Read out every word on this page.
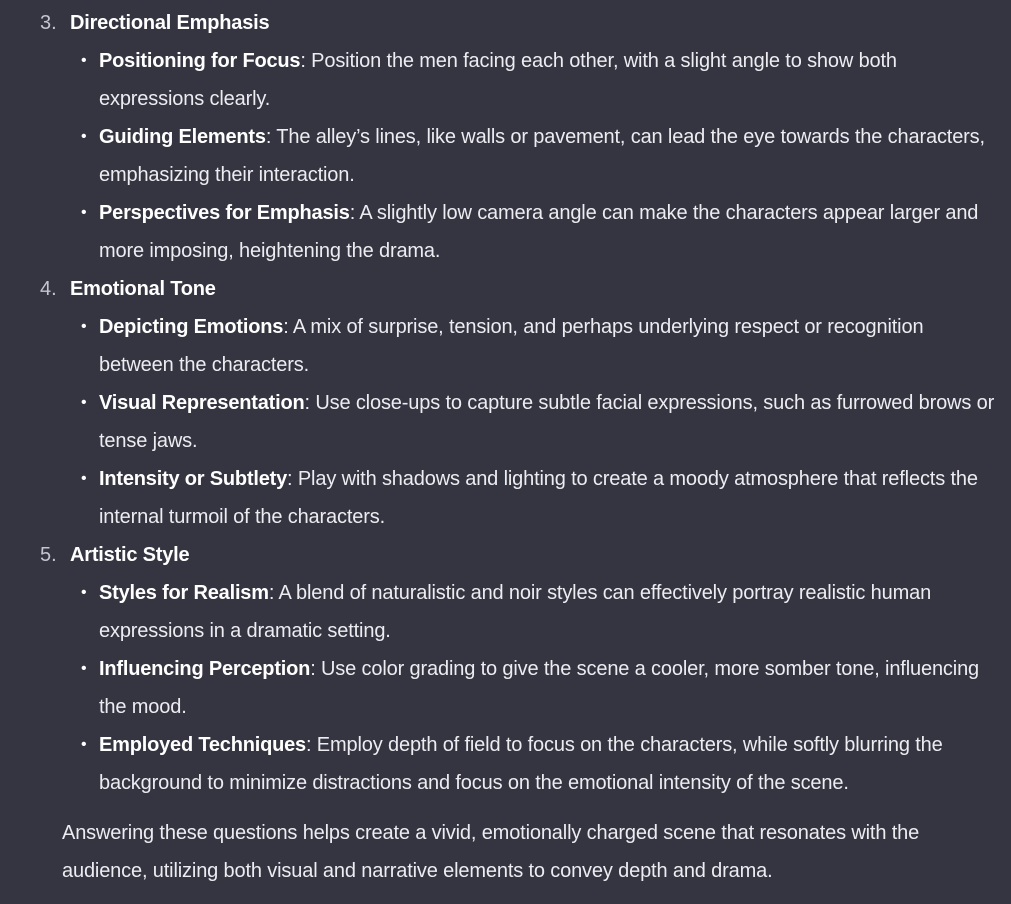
3. Directional Emphasis
• Positioning for Focus: Position the men facing each other, with a slight angle to show both expressions clearly.
• Guiding Elements: The alley’s lines, like walls or pavement, can lead the eye towards the characters, emphasizing their interaction.
• Perspectives for Emphasis: A slightly low camera angle can make the characters appear larger and more imposing, heightening the drama.
4. Emotional Tone
• Depicting Emotions: A mix of surprise, tension, and perhaps underlying respect or recognition between the characters.
• Visual Representation: Use close-ups to capture subtle facial expressions, such as furrowed brows or tense jaws.
• Intensity or Subtlety: Play with shadows and lighting to create a moody atmosphere that reflects the internal turmoil of the characters.
5. Artistic Style
• Styles for Realism: A blend of naturalistic and noir styles can effectively portray realistic human expressions in a dramatic setting.
• Influencing Perception: Use color grading to give the scene a cooler, more somber tone, influencing the mood.
• Employed Techniques: Employ depth of field to focus on the characters, while softly blurring the background to minimize distractions and focus on the emotional intensity of the scene.

Answering these questions helps create a vivid, emotionally charged scene that resonates with the audience, utilizing both visual and narrative elements to convey depth and drama.
